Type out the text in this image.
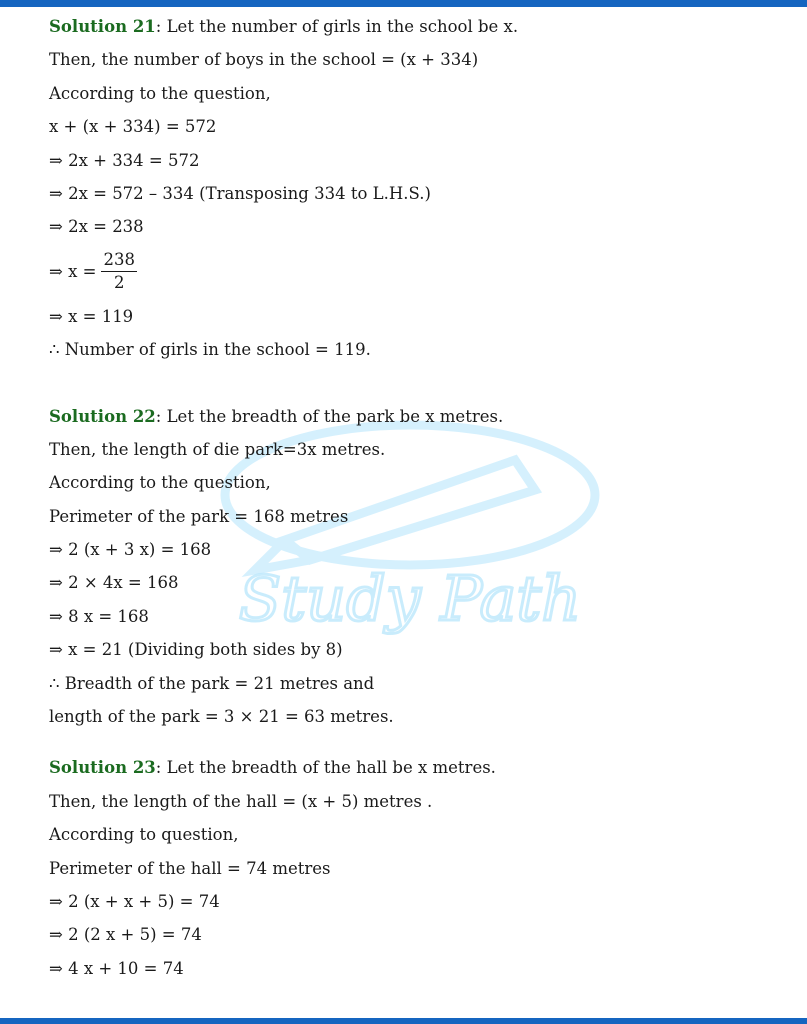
Study Path
Solution 21: Let the number of girls in the school be x.
Then, the number of boys in the school = (x + 334)
According to the question,
x + (x + 334) = 572
⇒ 2x + 334 = 572
⇒ 2x = 572 – 334 (Transposing 334 to L.H.S.)
⇒ 2x = 238
⇒ $x = \frac{238}{2}$
⇒ x = 119
∴ Number of girls in the school = 119.
Solution 22: Let the breadth of the park be x metres.
Then, the length of die park=3x metres.
According to the question,
Perimeter of the park = 168 metres
⇒ 2 (x + 3 x) = 168
⇒ 2 × 4x = 168
⇒ 8 x = 168
⇒ x = 21 (Dividing both sides by 8)
∴ Breadth of the park = 21 metres and
length of the park = 3 × 21 = 63 metres.
Solution 23: Let the breadth of the hall be x metres.
Then, the length of the hall = (x + 5) metres .
According to question,
Perimeter of the hall = 74 metres
⇒ 2 (x + x + 5) = 74
⇒ 2 (2 x + 5) = 74
⇒ 4 x + 10 = 74
